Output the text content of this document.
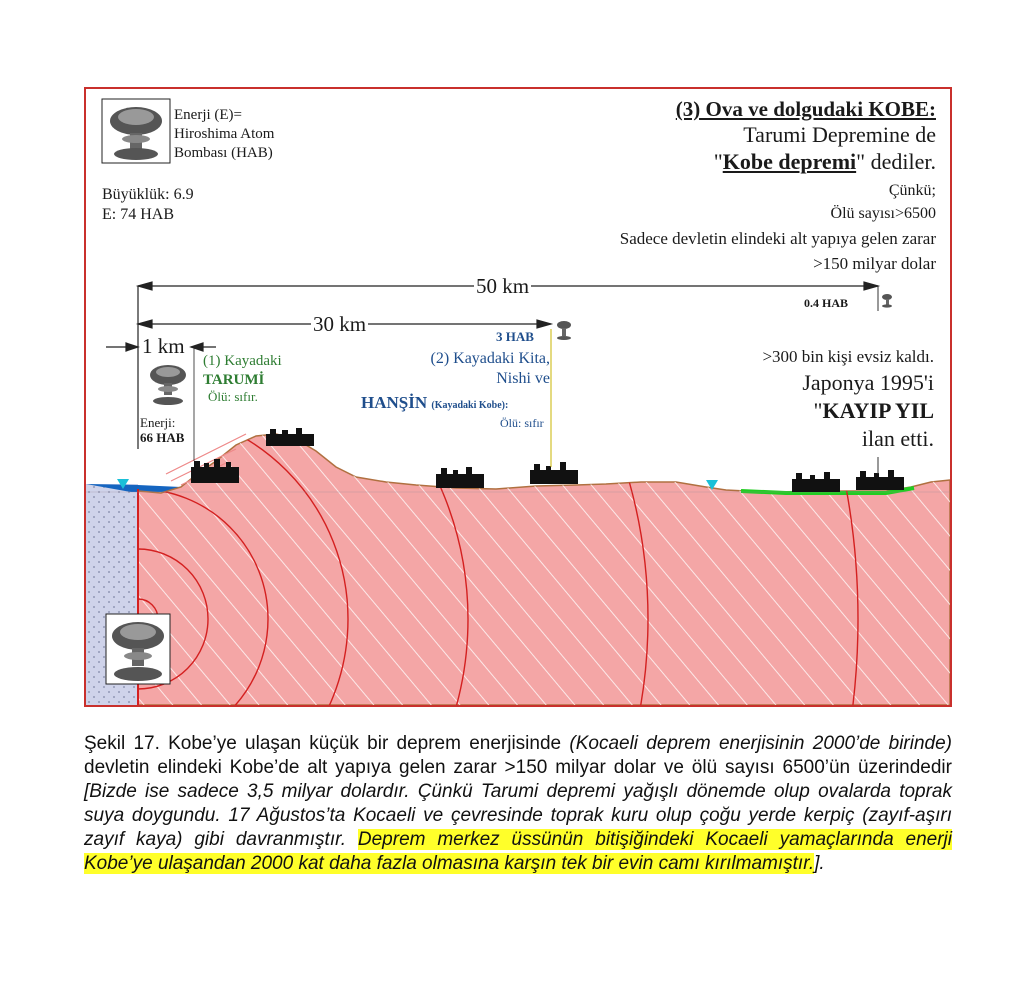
Enerji (E)=
Hiroshima Atom
Bombası (HAB)
Büyüklük: 6.9
E: 74 HAB
(3) Ova ve dolgudaki KOBE:
Tarumi Depremine de
"Kobe depremi" dediler.
Çünkü;
Ölü sayısı>6500
Sadece devletin elindeki alt yapıya gelen zarar
>150 milyar dolar
50 km
30 km
1 km
0.4 HAB
(1) Kayadaki
TARUMİ
Ölü: sıfır.
Enerji:
66 HAB
3 HAB
(2) Kayadaki Kita,
Nishi ve
HANŞİN (Kayadaki Kobe):
Ölü: sıfır
>300 bin kişi evsiz kaldı.
Japonya 1995'i
"KAYIP YIL
ilan etti.
Şekil 17. Kobe’ye ulaşan küçük bir deprem enerjisinde (Kocaeli deprem enerjisinin 2000’de birinde) devletin elindeki Kobe’de alt yapıya gelen zarar >150 milyar dolar ve ölü sayısı 6500’ün üzerindedir [Bizde ise sadece 3,5 milyar dolardır. Çünkü Tarumi depremi yağışlı dönemde olup ovalarda toprak suya doygundu. 17 Ağustos’ta Kocaeli ve çevresinde toprak kuru olup çoğu yerde kerpiç (zayıf-aşırı zayıf kaya) gibi davranmıştır. Deprem merkez üssünün bitişiğindeki Kocaeli yamaçlarında enerji Kobe’ye ulaşandan 2000 kat daha fazla olmasına karşın tek bir evin camı kırılmamıştır.].
